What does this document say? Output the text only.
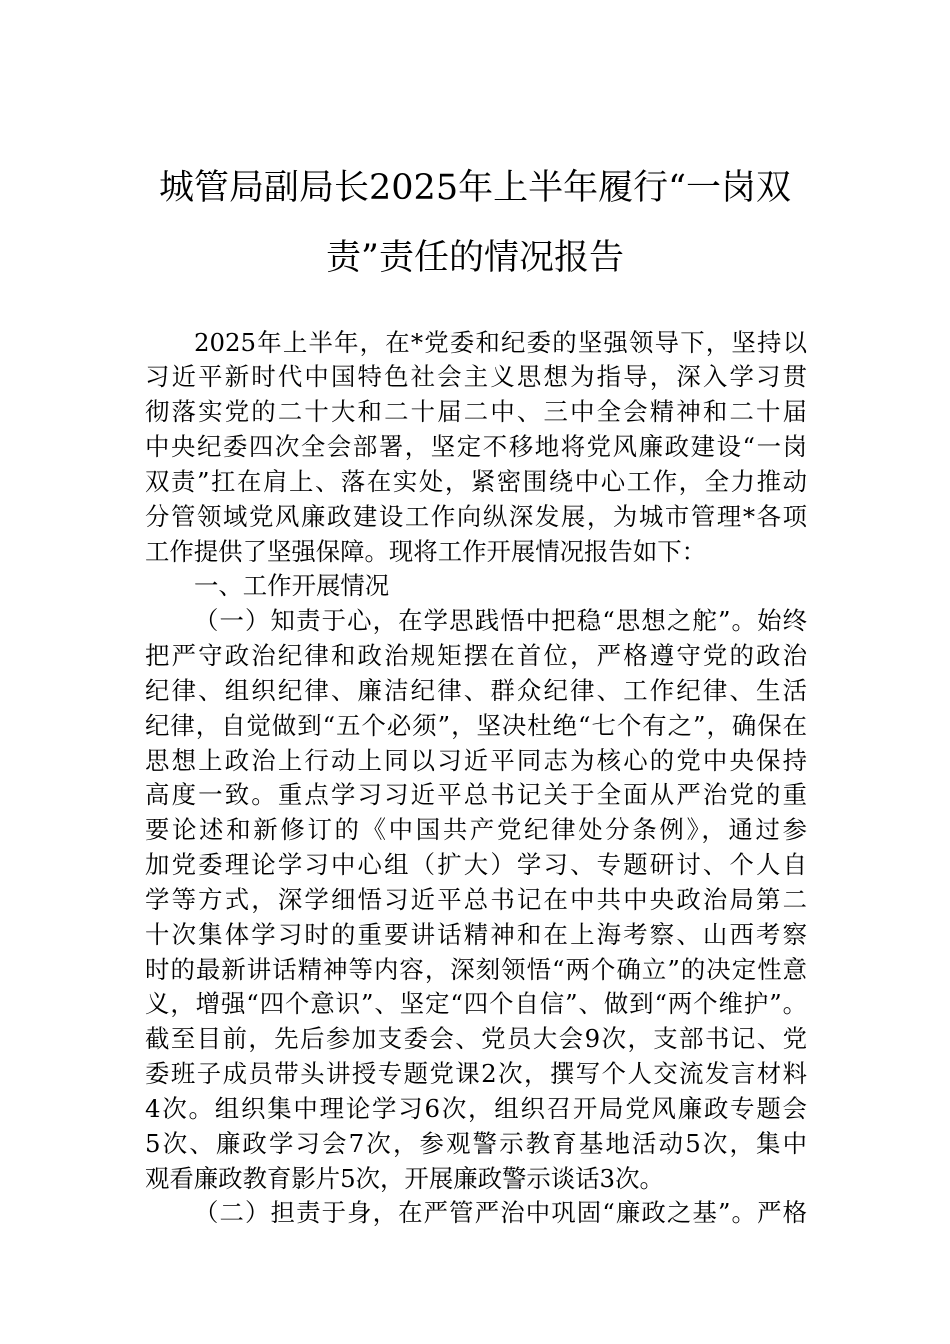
城管局副局长2025年上半年履行“一岗双
责”责任的情况报告
2025年上半年，在*党委和纪委的坚强领导下，坚持以
习近平新时代中国特色社会主义思想为指导，深入学习贯
彻落实党的二十大和二十届二中、三中全会精神和二十届
中央纪委四次全会部署，坚定不移地将党风廉政建设“一岗
双责”扛在肩上、落在实处，紧密围绕中心工作，全力推动
分管领域党风廉政建设工作向纵深发展，为城市管理*各项
工作提供了坚强保障。现将工作开展情况报告如下：
一、工作开展情况
（一）知责于心，在学思践悟中把稳“思想之舵”。始终
把严守政治纪律和政治规矩摆在首位，严格遵守党的政治
纪律、组织纪律、廉洁纪律、群众纪律、工作纪律、生活
纪律，自觉做到“五个必须”，坚决杜绝“七个有之”，确保在
思想上政治上行动上同以习近平同志为核心的党中央保持
高度一致。重点学习习近平总书记关于全面从严治党的重
要论述和新修订的《中国共产党纪律处分条例》，通过参
加党委理论学习中心组（扩大）学习、专题研讨、个人自
学等方式，深学细悟习近平总书记在中共中央政治局第二
十次集体学习时的重要讲话精神和在上海考察、山西考察
时的最新讲话精神等内容，深刻领悟“两个确立”的决定性意
义，增强“四个意识”、坚定“四个自信”、做到“两个维护”。
截至目前，先后参加支委会、党员大会9次，支部书记、党
委班子成员带头讲授专题党课2次，撰写个人交流发言材料
4次。组织集中理论学习6次，组织召开局党风廉政专题会
5次、廉政学习会7次，参观警示教育基地活动5次，集中
观看廉政教育影片5次，开展廉政警示谈话3次。
（二）担责于身，在严管严治中巩固“廉政之基”。严格
